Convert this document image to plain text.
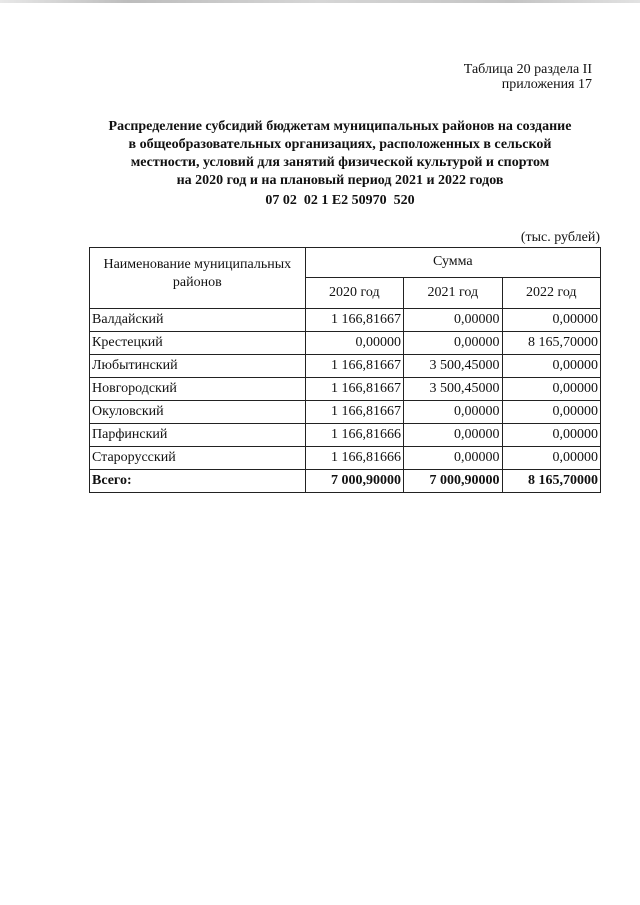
Таблица 20 раздела II
приложения 17
Распределение субсидий бюджетам муниципальных районов на создание
в общеобразовательных организациях, расположенных в сельской
местности, условий для занятий физической культурой и спортом
на 2020 год и на плановый период 2021 и 2022 годов
07 02  02 1 E2 50970  520
(тыс. рублей)
Наименование муниципальных районов	Сумма		
	2020 год	2021 год	2022 год
Валдайский	1 166,81667	0,00000	0,00000
Крестецкий	0,00000	0,00000	8 165,70000
Любытинский	1 166,81667	3 500,45000	0,00000
Новгородский	1 166,81667	3 500,45000	0,00000
Окуловский	1 166,81667	0,00000	0,00000
Парфинский	1 166,81666	0,00000	0,00000
Старорусский	1 166,81666	0,00000	0,00000
Всего:	7 000,90000	7 000,90000	8 165,70000
